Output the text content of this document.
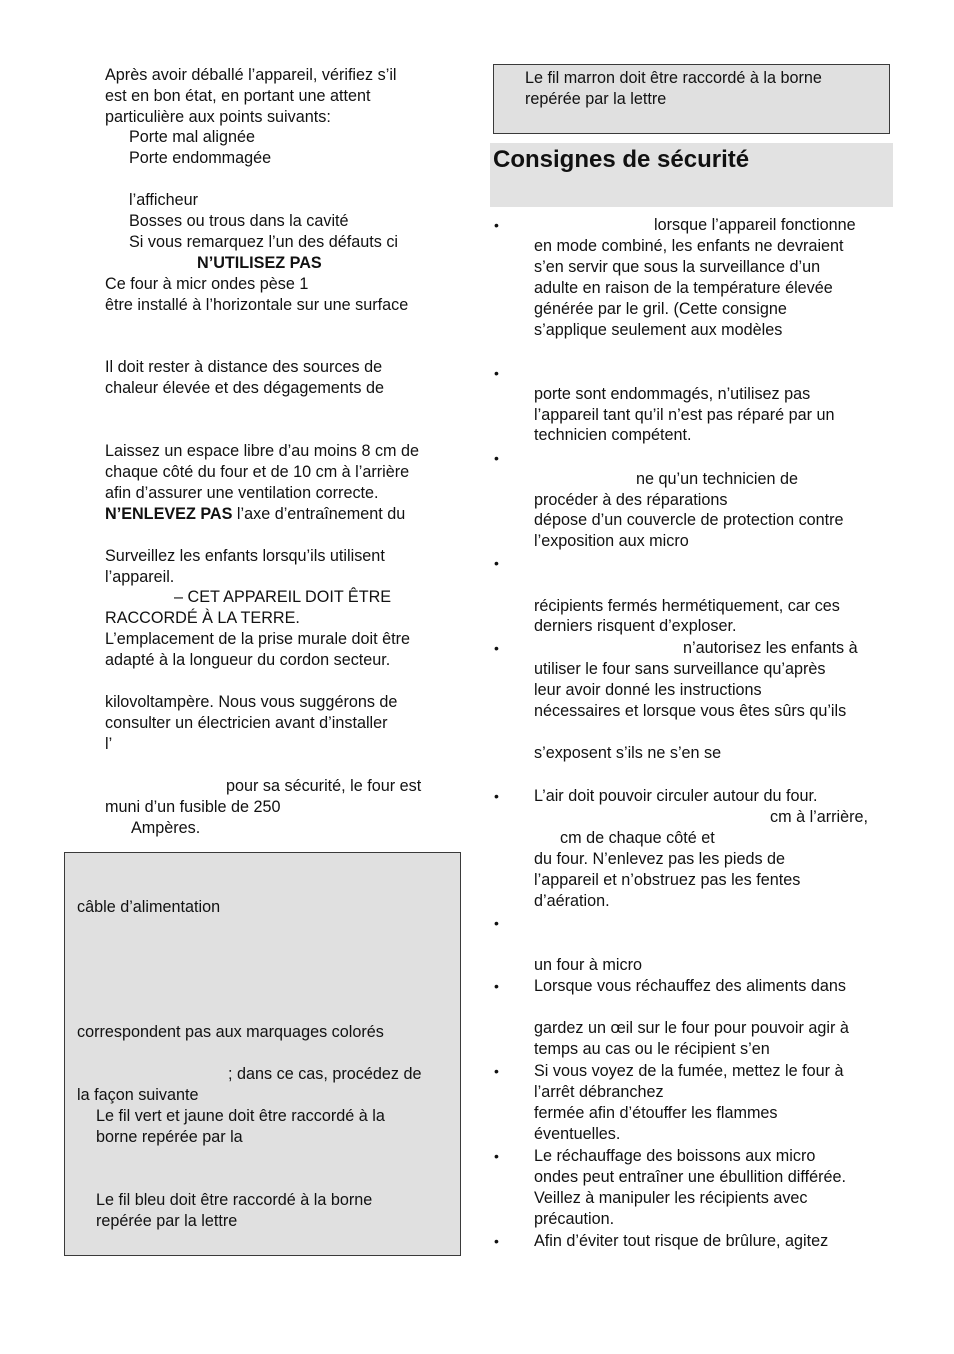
Après avoir déballé l’appareil, vérifiez s’il
est en bon état, en portant une attent
particulière aux points suivants:
Porte mal alignée
Porte endommagée
l’afficheur
Bosses ou trous dans la cavité
Si vous remarquez l’un des défauts ci
N’UTILISEZ PAS
Ce four à micr ondes pèse 1
être installé à l’horizontale sur une surface
Il doit rester à distance des sources de
chaleur élevée et des dégagements de
Laissez un espace libre d’au moins 8 cm de
chaque côté du four et de 10 cm à l’arrière
afin d’assurer une ventilation correcte.
N’ENLEVEZ PAS l’axe d’entraînement du
Surveillez les enfants lorsqu’ils utilisent
l’appareil.
– CET APPAREIL DOIT ÊTRE
RACCORDÉ À LA TERRE.
L’emplacement de la prise murale doit être
adapté à la longueur du cordon secteur.
kilovoltampère. Nous vous suggérons de
consulter un électricien avant d’installer
l’
pour sa sécurité, le four est
muni d’un fusible de 250
Ampères.
câble d’alimentation
correspondent pas aux marquages colorés
; dans ce cas, procédez de
la façon suivante
Le fil vert et jaune doit être raccordé à la
borne repérée par la
Le fil bleu doit être raccordé à la borne
repérée par la lettre
Le fil marron doit être raccordé à la borne
repérée par la lettre
Consignes de sécurité
•
•
•
•
•
•
•
•
•
•
•
lorsque l’appareil fonctionne
en mode combiné, les enfants ne devraient
s’en servir que sous la surveillance d’un
adulte en raison de la température élevée
générée par le gril. (Cette consigne
s’applique seulement aux modèles
porte sont endommagés, n’utilisez pas
l’appareil tant qu’il n’est pas réparé par un
technicien compétent.
ne qu’un technicien de
procéder à des réparations
dépose d’un couvercle de protection contre
l’exposition aux micro
récipients fermés hermétiquement, car ces
derniers risquent d’exploser.
n’autorisez les enfants à
utiliser le four sans surveillance qu’après
leur avoir donné les instructions
nécessaires et lorsque vous êtes sûrs qu’ils
s’exposent s’ils ne s’en se
L’air doit pouvoir circuler autour du four.
cm à l’arrière,
cm de chaque côté et
du four. N’enlevez pas les pieds de
l’appareil et n’obstruez pas les fentes
d’aération.
un four à micro
Lorsque vous réchauffez des aliments dans
gardez un œil sur le four pour pouvoir agir à
temps au cas ou le récipient s’en
Si vous voyez de la fumée, mettez le four à
l’arrêt débranchez
fermée afin d’étouffer les flammes
éventuelles.
Le réchauffage des boissons aux micro
ondes peut entraîner une ébullition différée.
Veillez à manipuler les récipients avec
précaution.
Afin d’éviter tout risque de brûlure, agitez
